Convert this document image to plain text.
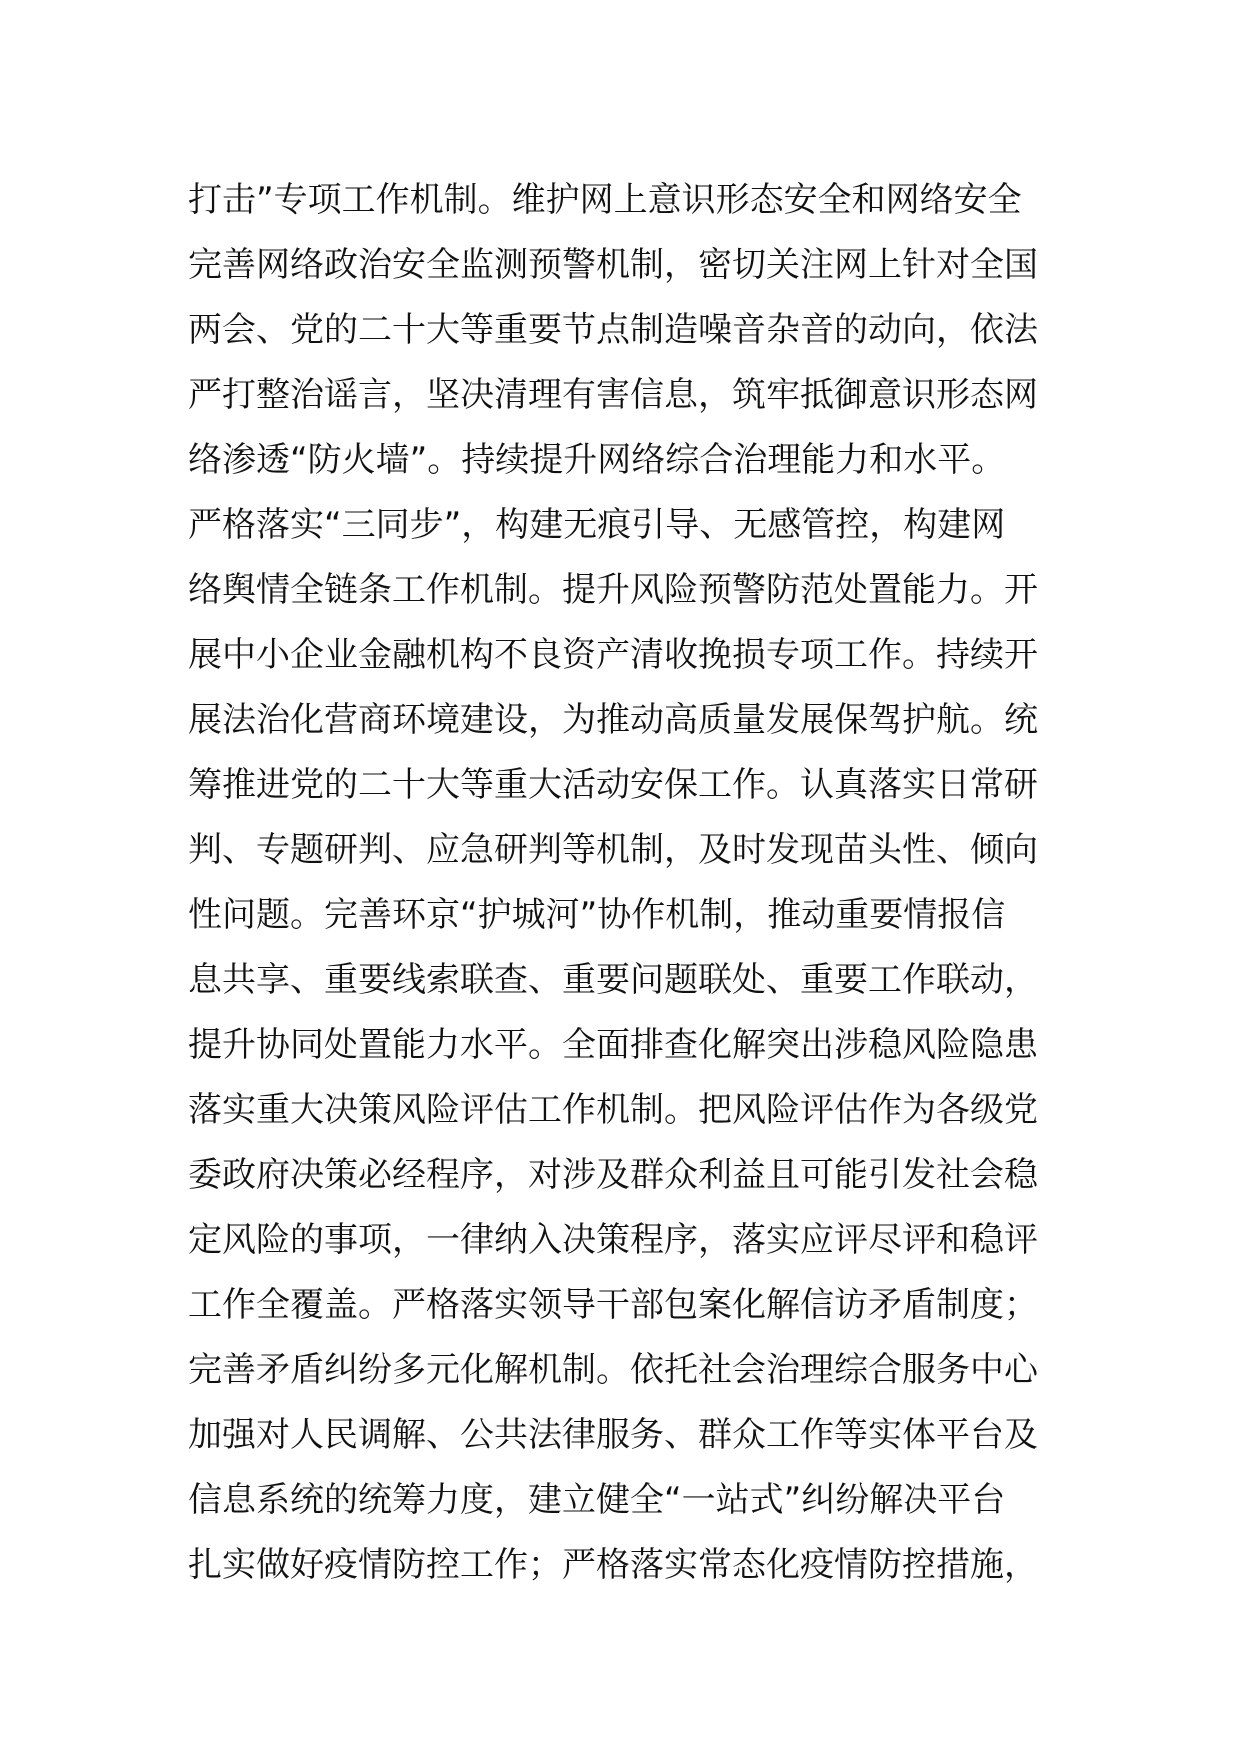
打击”专项工作机制。维护网上意识形态安全和网络安全
完善网络政治安全监测预警机制，密切关注网上针对全国
两会、党的二十大等重要节点制造噪音杂音的动向，依法
严打整治谣言，坚决清理有害信息，筑牢抵御意识形态网
络渗透“防火墙”。持续提升网络综合治理能力和水平。
严格落实“三同步”，构建无痕引导、无感管控，构建网
络舆情全链条工作机制。提升风险预警防范处置能力。开
展中小企业金融机构不良资产清收挽损专项工作。持续开
展法治化营商环境建设，为推动高质量发展保驾护航。统
筹推进党的二十大等重大活动安保工作。认真落实日常研
判、专题研判、应急研判等机制，及时发现苗头性、倾向
性问题。完善环京“护城河”协作机制，推动重要情报信
息共享、重要线索联查、重要问题联处、重要工作联动，
提升协同处置能力水平。全面排查化解突出涉稳风险隐患
落实重大决策风险评估工作机制。把风险评估作为各级党
委政府决策必经程序，对涉及群众利益且可能引发社会稳
定风险的事项，一律纳入决策程序，落实应评尽评和稳评
工作全覆盖。严格落实领导干部包案化解信访矛盾制度；
完善矛盾纠纷多元化解机制。依托社会治理综合服务中心
加强对人民调解、公共法律服务、群众工作等实体平台及
信息系统的统筹力度，建立健全“一站式”纠纷解决平台
扎实做好疫情防控工作；严格落实常态化疫情防控措施，
